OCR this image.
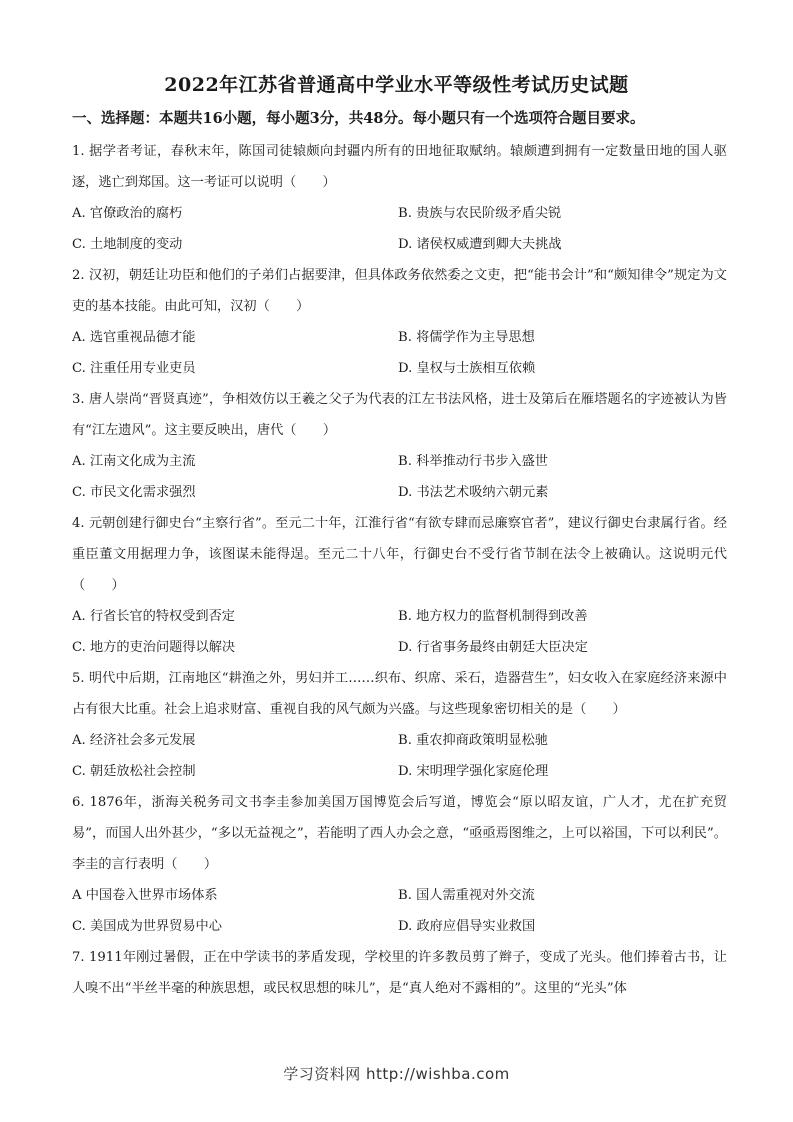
2022年江苏省普通高中学业水平等级性考试历史试题
一、选择题：本题共16小题，每小题3分，共48分。每小题只有一个选项符合题目要求。

1. 据学者考证，春秋末年，陈国司徒辕颇向封疆内所有的田地征取赋纳。辕颇遭到拥有一定数量田地的国人驱逐，逃亡到郑国。这一考证可以说明（　　）

A. 官僚政治的腐朽	B. 贵族与农民阶级矛盾尖锐
C. 土地制度的变动	D. 诸侯权威遭到卿大夫挑战

2. 汉初，朝廷让功臣和他们的子弟们占据要津，但具体政务依然委之文吏，把“能书会计”和“颇知律令”规定为文吏的基本技能。由此可知，汉初（　　）

A. 选官重视品德才能	B. 将儒学作为主导思想
C. 注重任用专业吏员	D. 皇权与士族相互依赖

3. 唐人崇尚“晋贤真迹”，争相效仿以王羲之父子为代表的江左书法风格，进士及第后在雁塔题名的字迹被认为皆有“江左遗风”。这主要反映出，唐代（　　）

A. 江南文化成为主流	B. 科举推动行书步入盛世
C. 市民文化需求强烈	D. 书法艺术吸纳六朝元素

4. 元朝创建行御史台“主察行省”。至元二十年，江淮行省“有欲专肆而忌廉察官者”，建议行御史台隶属行省。经重臣董文用据理力争，该图谋未能得逞。至元二十八年，行御史台不受行省节制在法令上被确认。这说明元代（　　）

A. 行省长官的特权受到否定	B. 地方权力的监督机制得到改善
C. 地方的吏治问题得以解决	D. 行省事务最终由朝廷大臣决定

5. 明代中后期，江南地区“耕渔之外，男妇并工……织布、织席、采石，造器营生”，妇女收入在家庭经济来源中占有很大比重。社会上追求财富、重视自我的风气颇为兴盛。与这些现象密切相关的是（　　）

A. 经济社会多元发展	B. 重农抑商政策明显松驰
C. 朝廷放松社会控制	D. 宋明理学强化家庭伦理

6. 1876年，浙海关税务司文书李圭参加美国万国博览会后写道，博览会“原以昭友谊，广人才，尤在扩充贸易”，而国人出外甚少，“多以无益视之”，若能明了西人办会之意，“亟亟焉图维之，上可以裕国，下可以利民”。李圭的言行表明（　　）

A 中国卷入世界市场体系	B. 国人需重视对外交流
C. 美国成为世界贸易中心	D. 政府应倡导实业救国

7. 1911年刚过暑假，正在中学读书的茅盾发现，学校里的许多教员剪了辫子，变成了光头。他们捧着古书，让人嗅不出“半丝半毫的种族思想，或民权思想的味儿”，是“真人绝对不露相的”。这里的“光头”体

学习资料网 http://wishba.com
